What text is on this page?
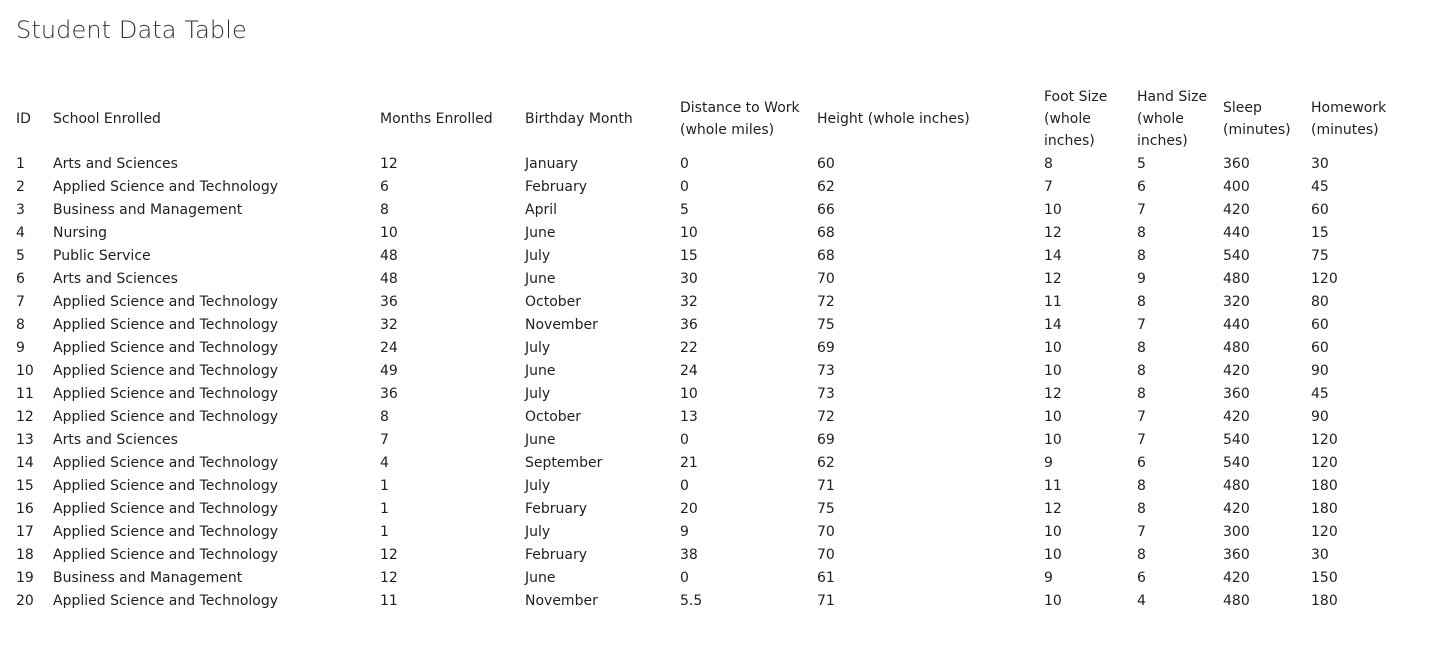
Student Data Table
ID	School Enrolled	Months Enrolled	Birthday Month	Distance to Work (whole miles)	Height (whole inches)	Foot Size (whole inches)	Hand Size (whole inches)	Sleep (minutes)	Homework (minutes)
1	Arts and Sciences	12	January	0	60	8	5	360	30
2	Applied Science and Technology	6	February	0	62	7	6	400	45
3	Business and Management	8	April	5	66	10	7	420	60
4	Nursing	10	June	10	68	12	8	440	15
5	Public Service	48	July	15	68	14	8	540	75
6	Arts and Sciences	48	June	30	70	12	9	480	120
7	Applied Science and Technology	36	October	32	72	11	8	320	80
8	Applied Science and Technology	32	November	36	75	14	7	440	60
9	Applied Science and Technology	24	July	22	69	10	8	480	60
10	Applied Science and Technology	49	June	24	73	10	8	420	90
11	Applied Science and Technology	36	July	10	73	12	8	360	45
12	Applied Science and Technology	8	October	13	72	10	7	420	90
13	Arts and Sciences	7	June	0	69	10	7	540	120
14	Applied Science and Technology	4	September	21	62	9	6	540	120
15	Applied Science and Technology	1	July	0	71	11	8	480	180
16	Applied Science and Technology	1	February	20	75	12	8	420	180
17	Applied Science and Technology	1	July	9	70	10	7	300	120
18	Applied Science and Technology	12	February	38	70	10	8	360	30
19	Business and Management	12	June	0	61	9	6	420	150
20	Applied Science and Technology	11	November	5.5	71	10	4	480	180
